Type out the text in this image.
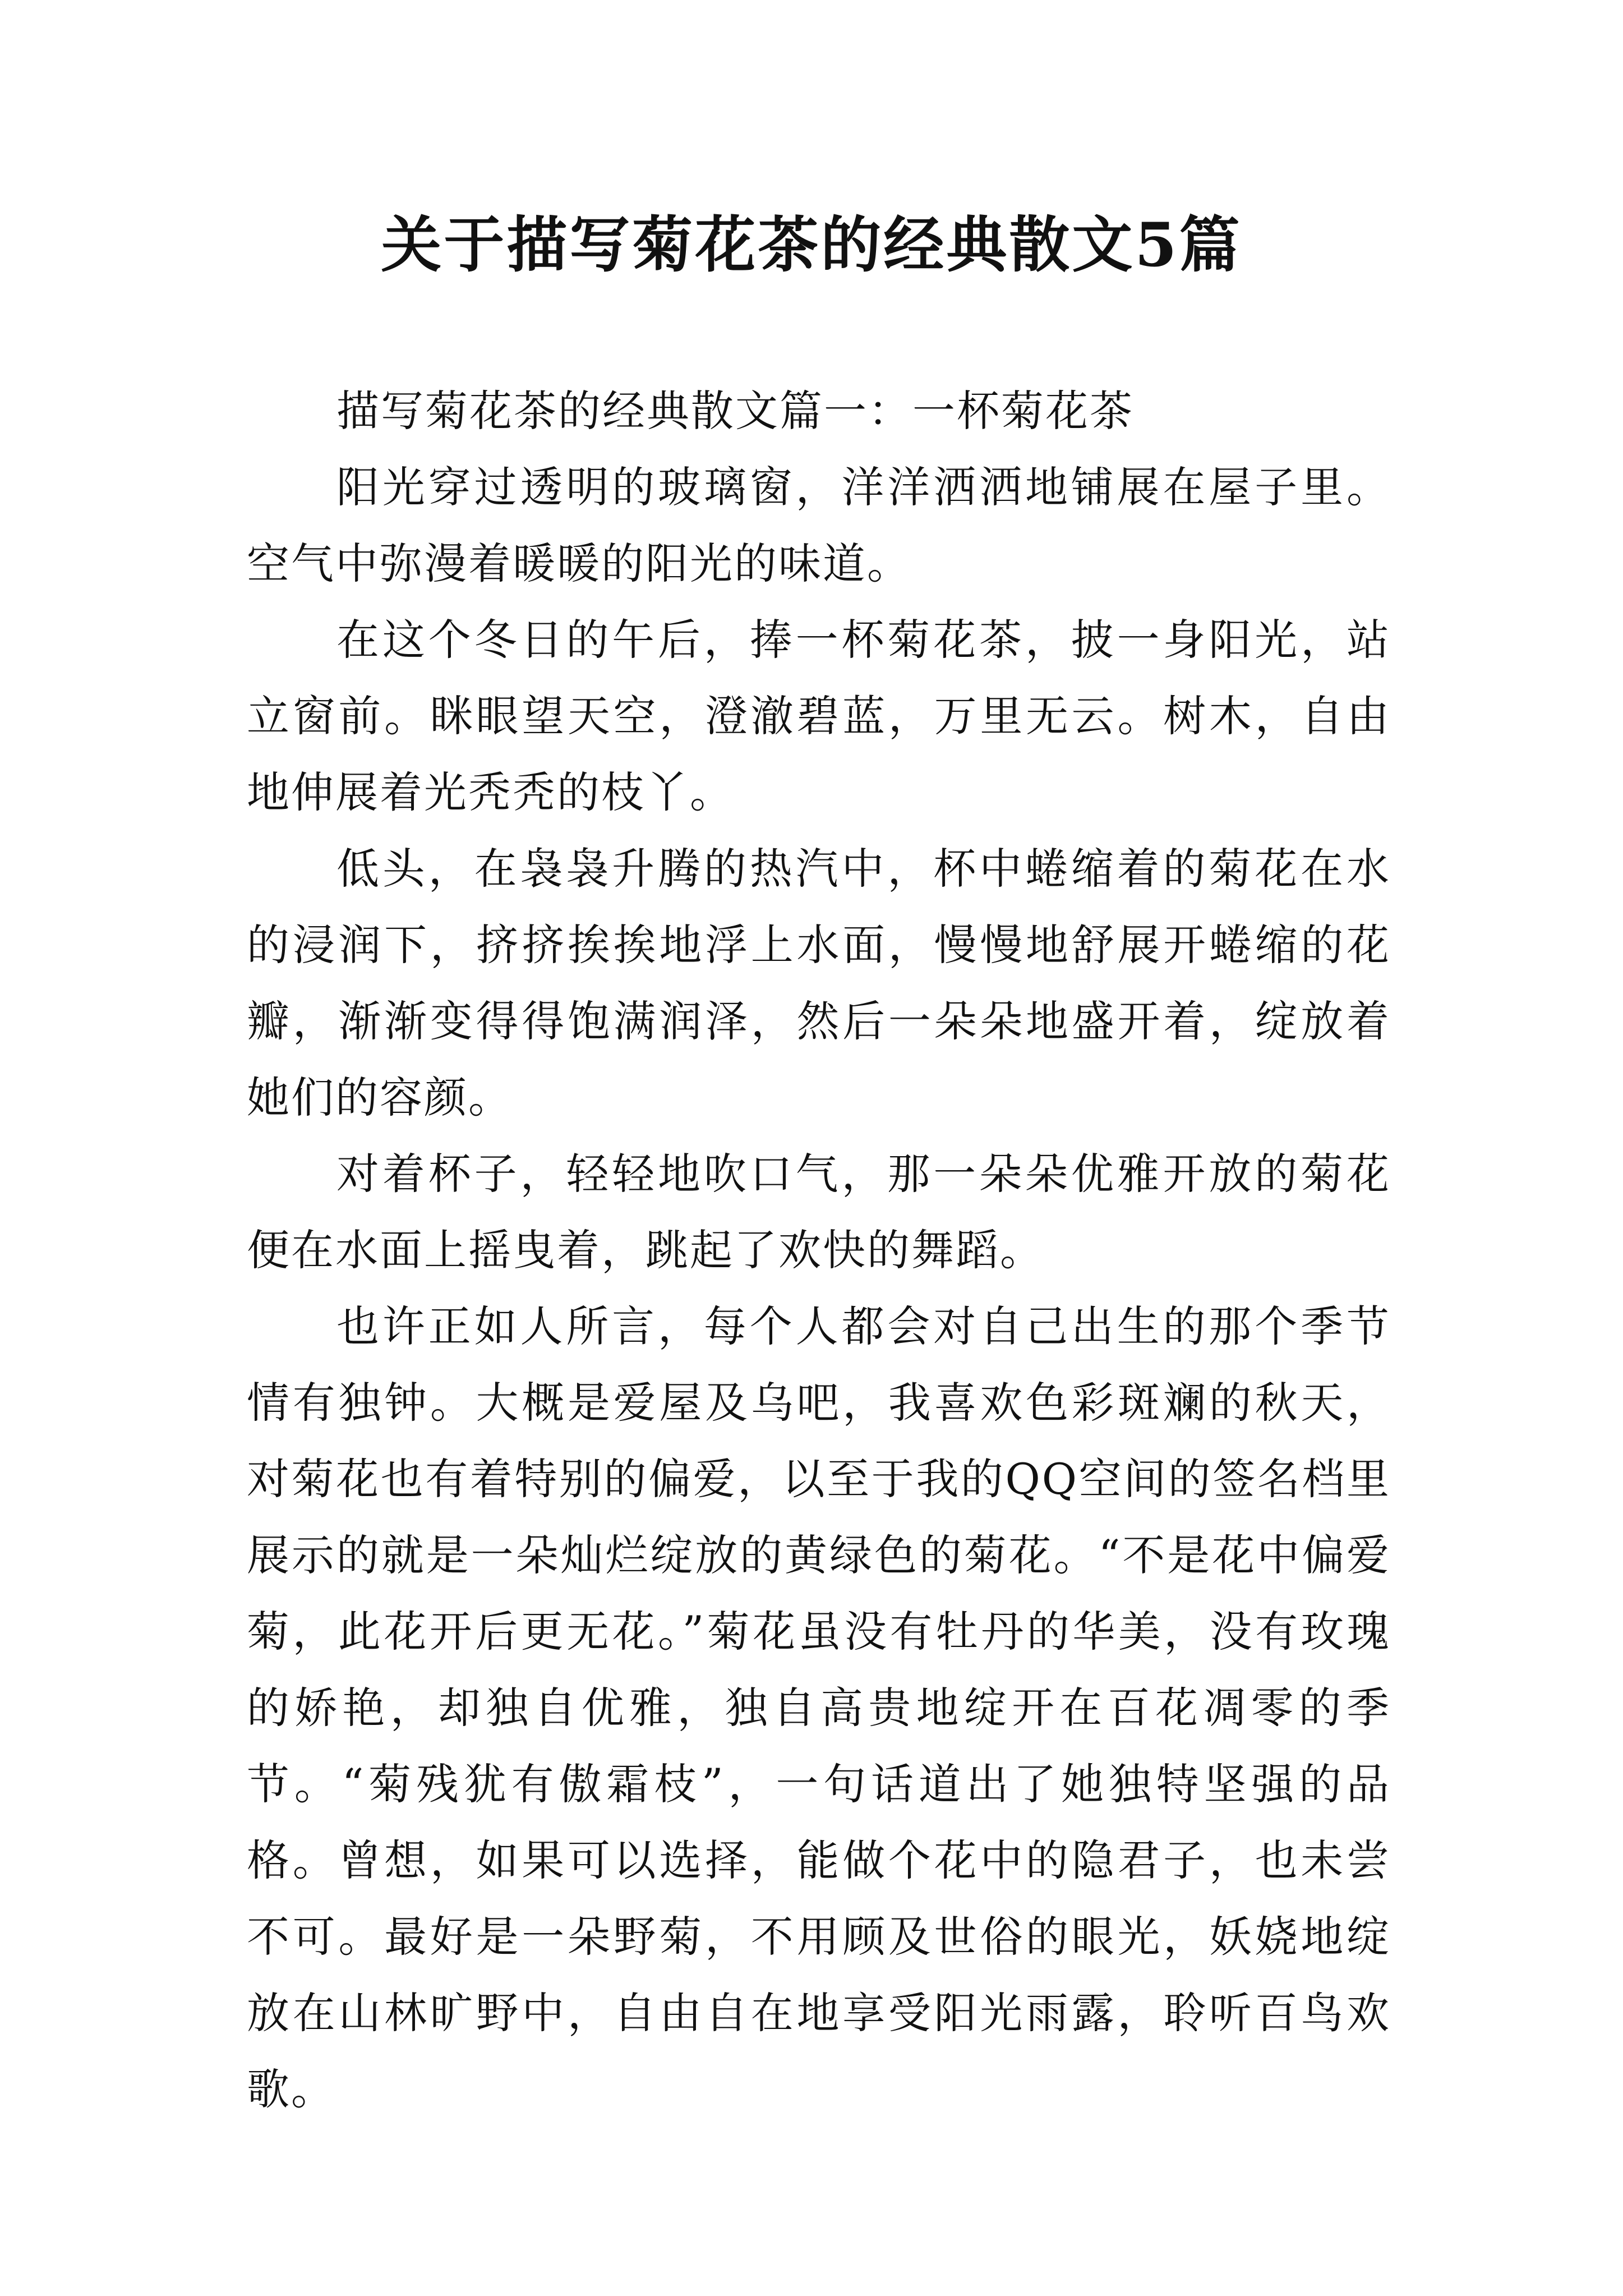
关于描写菊花茶的经典散文5篇

描写菊花茶的经典散文篇一：一杯菊花茶

阳光穿过透明的玻璃窗，洋洋洒洒地铺展在屋子里。空气中弥漫着暖暖的阳光的味道。

在这个冬日的午后，捧一杯菊花茶，披一身阳光，站立窗前。眯眼望天空，澄澈碧蓝，万里无云。树木，自由地伸展着光秃秃的枝丫。

低头，在袅袅升腾的热汽中，杯中蜷缩着的菊花在水的浸润下，挤挤挨挨地浮上水面，慢慢地舒展开蜷缩的花瓣，渐渐变得得饱满润泽，然后一朵朵地盛开着，绽放着她们的容颜。

对着杯子，轻轻地吹口气，那一朵朵优雅开放的菊花便在水面上摇曳着，跳起了欢快的舞蹈。

也许正如人所言，每个人都会对自己出生的那个季节情有独钟。大概是爱屋及乌吧，我喜欢色彩斑斓的秋天，对菊花也有着特别的偏爱，以至于我的QQ空间的签名档里展示的就是一朵灿烂绽放的黄绿色的菊花。“不是花中偏爱菊，此花开后更无花。”菊花虽没有牡丹的华美，没有玫瑰的娇艳，却独自优雅，独自高贵地绽开在百花凋零的季节。“菊残犹有傲霜枝”，一句话道出了她独特坚强的品格。曾想，如果可以选择，能做个花中的隐君子，也未尝不可。最好是一朵野菊，不用顾及世俗的眼光，妖娆地绽放在山林旷野中，自由自在地享受阳光雨露，聆听百鸟欢歌。
